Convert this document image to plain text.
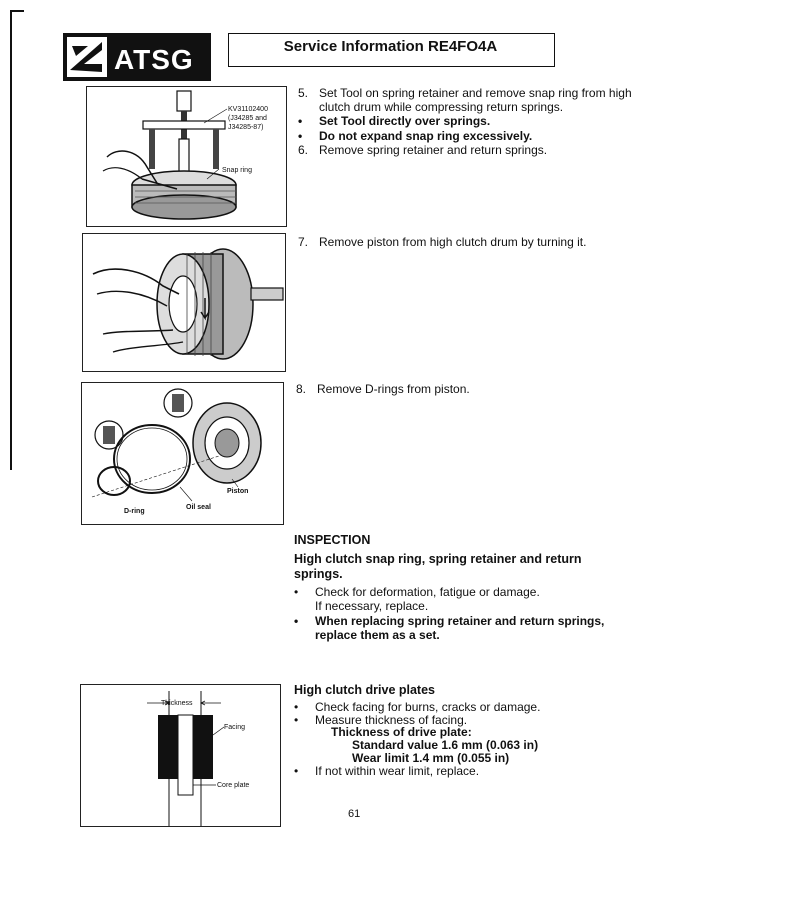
ATSG	Service Information RE4FO4A
KV31102400
(J34285 and
J34285-87)
Snap ring
Piston
Oil seal
D-ring
Thickness
Facing
Core plate
5. Set Tool on spring retainer and remove snap ring from high clutch drum while compressing return springs.
• Set Tool directly over springs.
• Do not expand snap ring excessively.
6. Remove spring retainer and return springs.
7. Remove piston from high clutch drum by turning it.
8. Remove D-rings from piston.
INSPECTION
High clutch snap ring, spring retainer and return springs.
• Check for deformation, fatigue or damage.
If necessary, replace.
• When replacing spring retainer and return springs, replace them as a set.
High clutch drive plates
• Check facing for burns, cracks or damage.
• Measure thickness of facing.
Thickness of drive plate:
Standard value 1.6 mm (0.063 in)
Wear limit 1.4 mm (0.055 in)
• If not within wear limit, replace.
61
